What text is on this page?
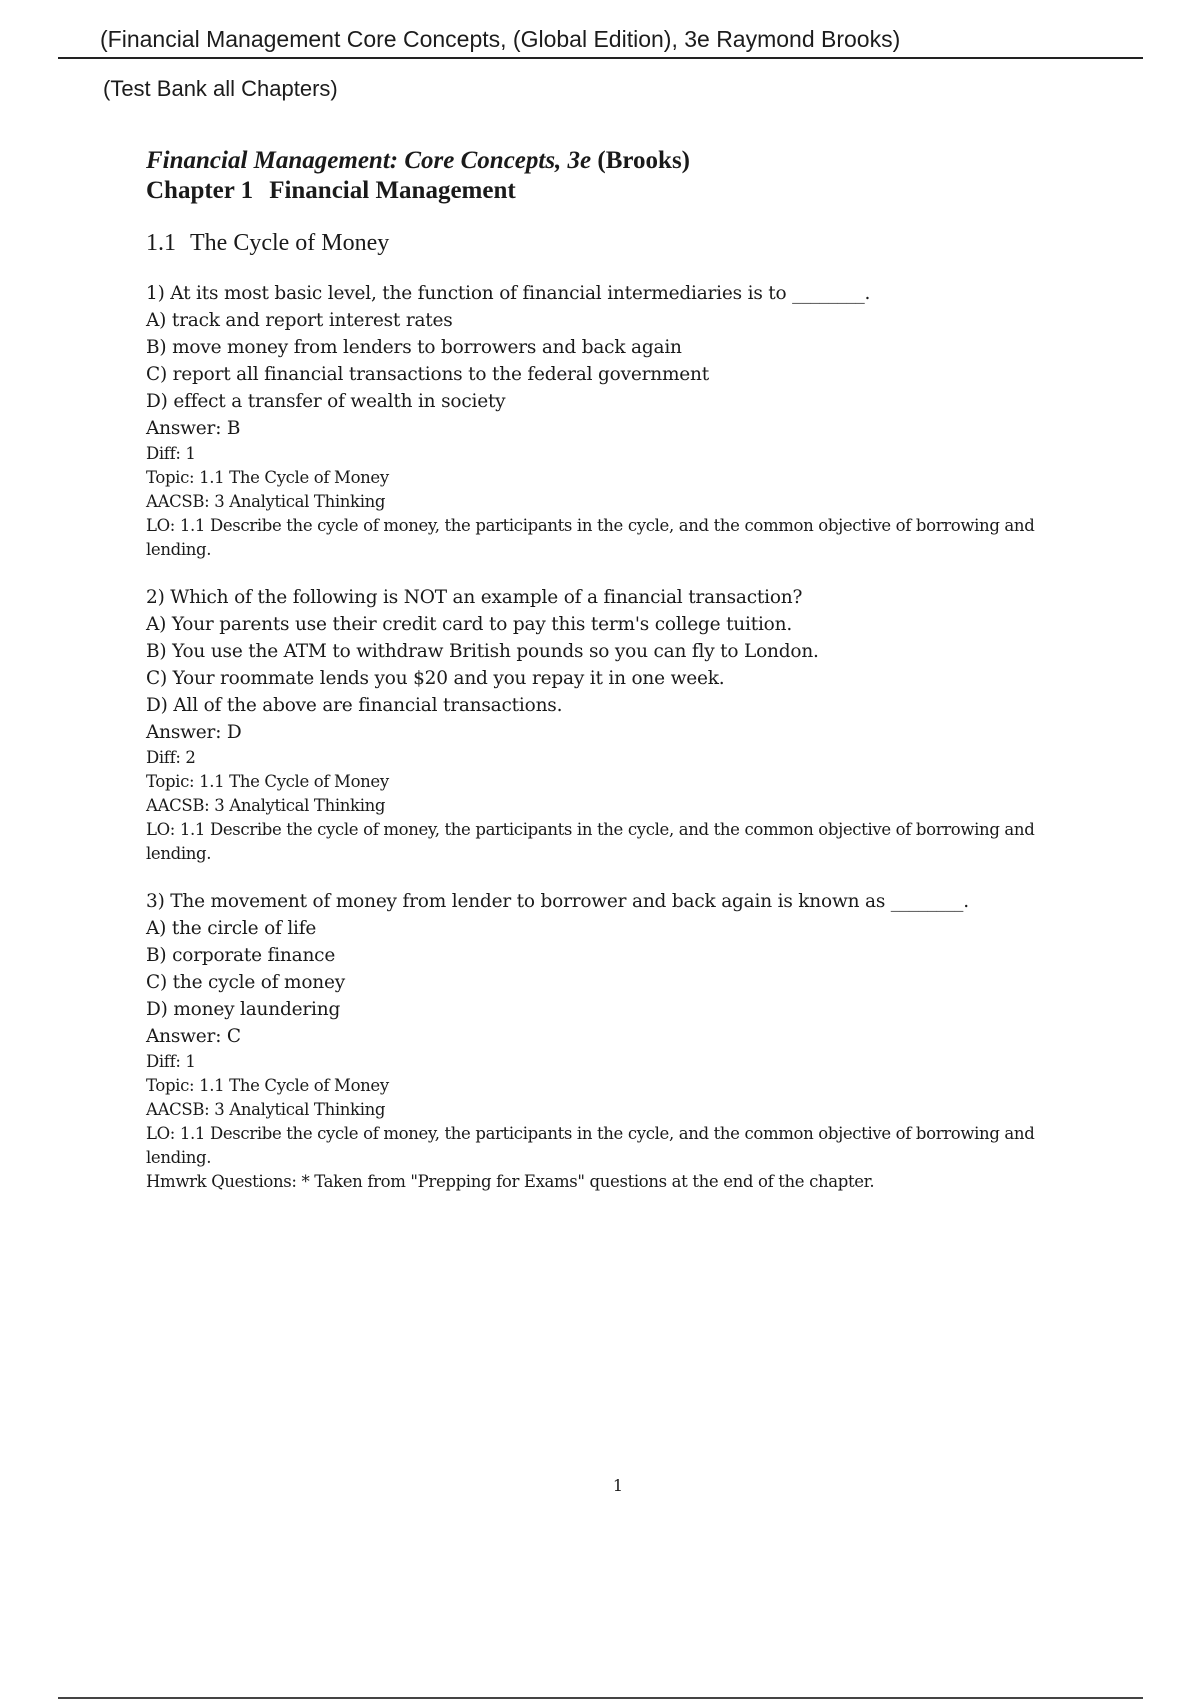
(Financial Management Core Concepts, (Global Edition), 3e Raymond Brooks)
(Test Bank all Chapters)
Financial Management: Core Concepts, 3e (Brooks)
Chapter 1 Financial Management
1.1 The Cycle of Money
1) At its most basic level, the function of financial intermediaries is to ________.
A) track and report interest rates
B) move money from lenders to borrowers and back again
C) report all financial transactions to the federal government
D) effect a transfer of wealth in society
Answer: B
Diff: 1
Topic: 1.1 The Cycle of Money
AACSB: 3 Analytical Thinking
LO: 1.1 Describe the cycle of money, the participants in the cycle, and the common objective of borrowing and lending.
2) Which of the following is NOT an example of a financial transaction?
A) Your parents use their credit card to pay this term's college tuition.
B) You use the ATM to withdraw British pounds so you can fly to London.
C) Your roommate lends you $20 and you repay it in one week.
D) All of the above are financial transactions.
Answer: D
Diff: 2
Topic: 1.1 The Cycle of Money
AACSB: 3 Analytical Thinking
LO: 1.1 Describe the cycle of money, the participants in the cycle, and the common objective of borrowing and lending.
3) The movement of money from lender to borrower and back again is known as ________.
A) the circle of life
B) corporate finance
C) the cycle of money
D) money laundering
Answer: C
Diff: 1
Topic: 1.1 The Cycle of Money
AACSB: 3 Analytical Thinking
LO: 1.1 Describe the cycle of money, the participants in the cycle, and the common objective of borrowing and lending.
Hmwrk Questions: * Taken from "Prepping for Exams" questions at the end of the chapter.
1
